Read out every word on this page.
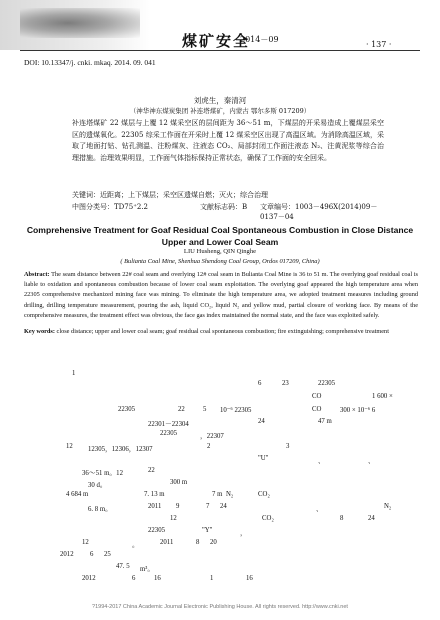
煤矿安全
2014－09
· 137 ·
DOI: 10.13347/j. cnki. mkaq. 2014. 09. 041
刘虎生，秦清河
（神华神东煤炭集团 补连塔煤矿，内蒙古 鄂尔多斯 017209）
补连塔煤矿 22 煤层与上覆 12 煤采空区的层间距为 36～51 m，下煤层的开采易造成上覆煤层采空区的遗煤氧化。22305 综采工作面在开采时上覆 12 煤采空区出现了高温区域。为消除高温区域，采取了地面打钻、钻孔测温、注粉煤灰、注液态 CO₂、局部封闭工作面注液态 N₂、注黄泥浆等综合治理措施。治理效果明显，工作面气体指标保持正常状态，确保了工作面的安全回采。
关键词：近距离；上下煤层；采空区遗煤自燃；灭火；综合治理
中图分类号：TD75⁺2.2	文献标志码：B 文章编号：1003－496X(2014)09－0137－04
Comprehensive Treatment for Goaf Residual Coal Spontaneous Combustion in Close Distance
Upper and Lower Coal Seam
LIU Husheng, QIN Qinghe
( Bulianta Coal Mine, Shenhua Shendong Coal Group, Ordos 017209, China)
Abstract: The seam distance between 22# coal seam and overlying 12# coal seam in Bulianta Coal Mine is 36 to 51 m. The overlying goaf residual coal is liable to oxidation and spontaneous combustion because of lower coal seam exploitation. The overlying goaf appeared the high temperature area when 22305 comprehensive mechanized mining face was mining. To eliminate the high temperature area, we adopted treatment measures including ground drilling, drilling temperature measurement, pouring the ash, liquid CO₂, liquid N₂ and yellow mud, partial closure of working face. By means of the comprehensive measures, the treatment effect was obvious, the face gas index maintained the normal state, and the face was exploited safely.
Key words: close distance; upper and lower coal seam; goaf residual coal spontaneous combustion; fire extinguishing; comprehensive treatment
1
6	23	22305
CO	1 600 ×
22305	22	5 10⁻⁶ 22305	CO	300 × 10⁻⁶ 6
22301－22304	24	47 m
22305	，22307
12 12305，12306，12307	2	3
"U"	、	、
36～51 m。12	22
30 d。	300 m
4 684 m	7. 13 m	7 m N₂	CO₂
6. 8 m。	2011 9	7 24	、	N₂
12	CO₂	8	24
22305	"Y"	，
12	。	2011	8 20
2012 6 25
47. 5 m³。
2012	6	16	1	16
?1994-2017 China Academic Journal Electronic Publishing House. All rights reserved. http://www.cnki.net
